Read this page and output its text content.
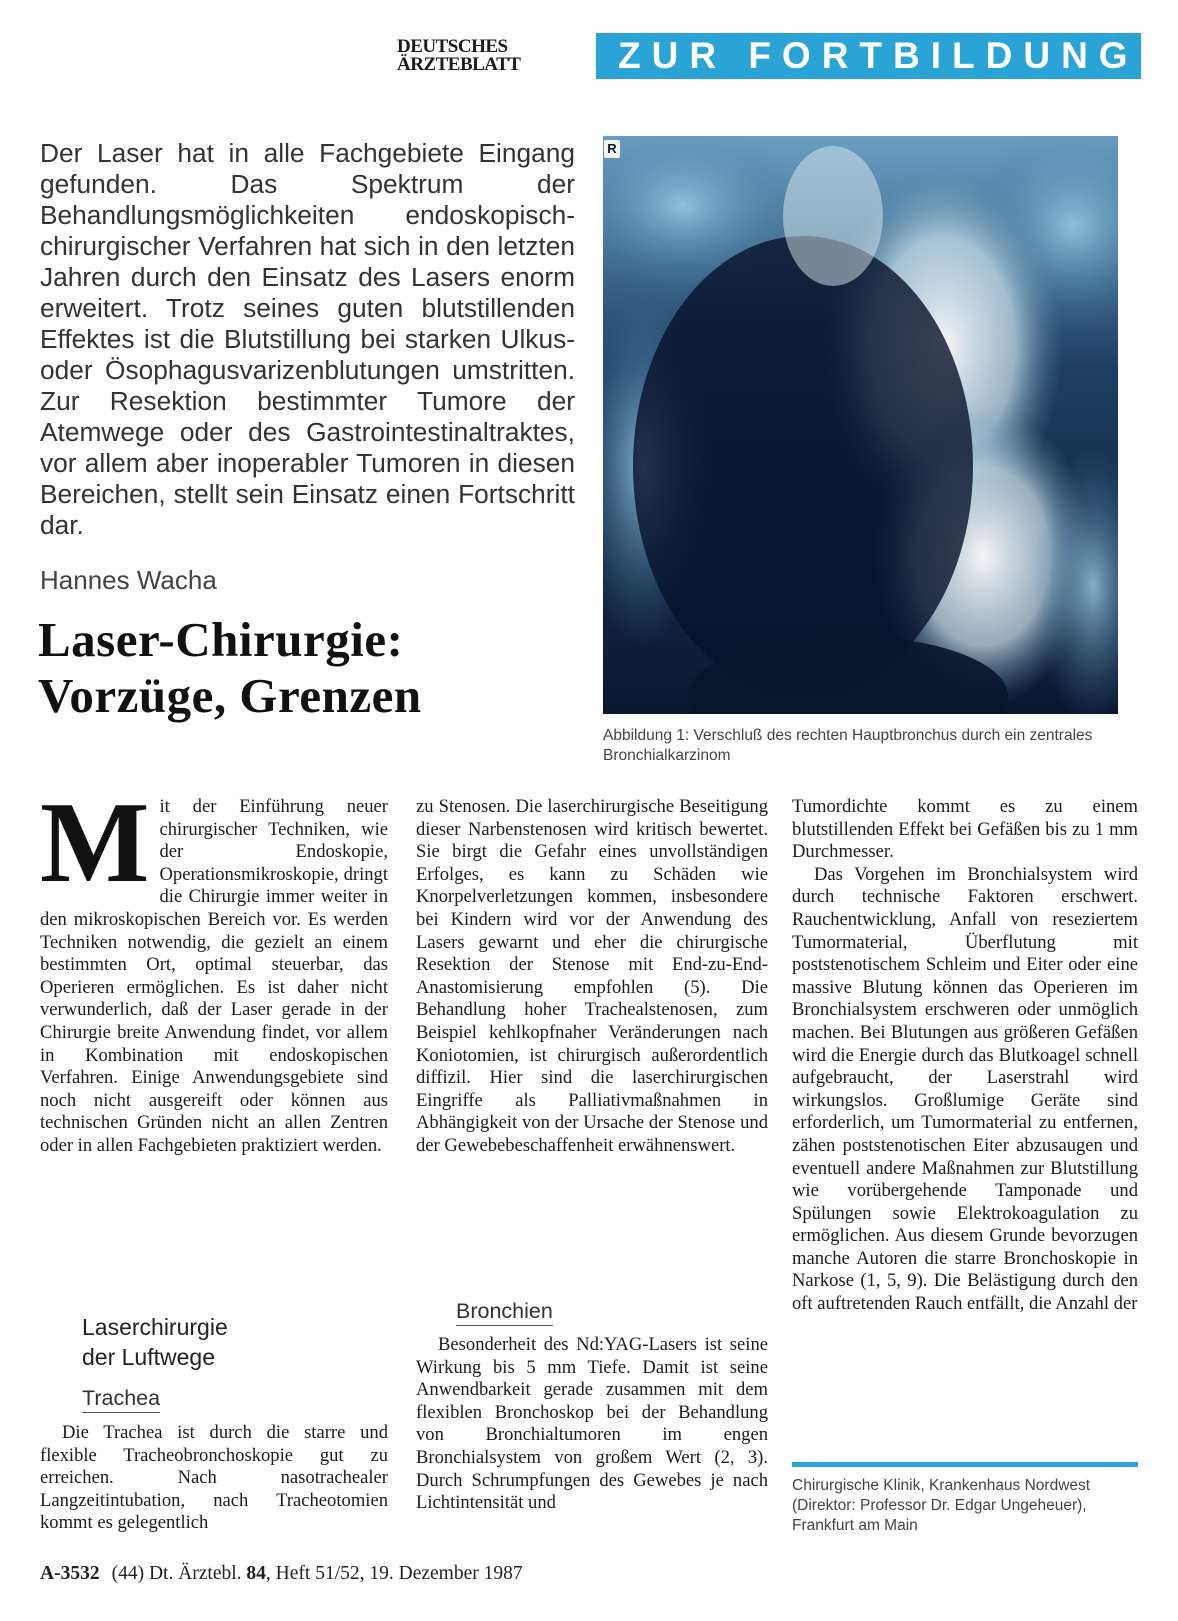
DEUTSCHES
ÄRZTEBLATT	ZUR FORTBILDUNG
Der Laser hat in alle Fachgebiete Eingang gefunden. Das Spektrum der Behandlungsmöglichkeiten endoskopisch-chirurgischer Verfahren hat sich in den letzten Jahren durch den Einsatz des Lasers enorm erweitert. Trotz seines guten blutstillenden Effektes ist die Blutstillung bei starken Ulkus- oder Ösophagusvarizenblutungen umstritten. Zur Resektion bestimmter Tumore der Atemwege oder des Gastrointestinaltraktes, vor allem aber inoperabler Tumoren in diesen Bereichen, stellt sein Einsatz einen Fortschritt dar.
Hannes Wacha
Laser-Chirurgie:
Vorzüge, Grenzen
R
Abbildung 1: Verschluß des rechten Hauptbronchus durch ein zentrales Bronchialkarzinom
M it der Einführung neuer chirurgischer Techniken, wie der Endoskopie, Operationsmikroskopie, dringt die Chirurgie immer weiter in den mikroskopischen Bereich vor. Es werden Techniken notwendig, die gezielt an einem bestimmten Ort, optimal steuerbar, das Operieren ermöglichen. Es ist daher nicht verwunderlich, daß der Laser gerade in der Chirurgie breite Anwendung findet, vor allem in Kombination mit endoskopischen Verfahren. Einige Anwendungsgebiete sind noch nicht ausgereift oder können aus technischen Gründen nicht an allen Zentren oder in allen Fachgebieten praktiziert werden.

Laserchirurgie
der Luftwege
Trachea

Die Trachea ist durch die starre und flexible Tracheobronchoskopie gut zu erreichen. Nach nasotrachealer Langzeitintubation, nach Tracheotomien kommt es gelegentlich

zu Stenosen. Die laserchirurgische Beseitigung dieser Narbenstenosen wird kritisch bewertet. Sie birgt die Gefahr eines unvollständigen Erfolges, es kann zu Schäden wie Knorpelverletzungen kommen, insbesondere bei Kindern wird vor der Anwendung des Lasers gewarnt und eher die chirurgische Resektion der Stenose mit End-zu-End-Anastomisierung empfohlen (5). Die Behandlung hoher Trachealstenosen, zum Beispiel kehlkopfnaher Veränderungen nach Koniotomien, ist chirurgisch außerordentlich diffizil. Hier sind die laserchirurgischen Eingriffe als Palliativmaßnahmen in Abhängigkeit von der Ursache der Stenose und der Gewebebeschaffenheit erwähnenswert.

Bronchien

Besonderheit des Nd:YAG-Lasers ist seine Wirkung bis 5 mm Tiefe. Damit ist seine Anwendbarkeit gerade zusammen mit dem flexiblen Bronchoskop bei der Behandlung von Bronchialtumoren im engen Bronchialsystem von großem Wert (2, 3). Durch Schrumpfungen des Gewebes je nach Lichtintensität und

Tumordichte kommt es zu einem blutstillenden Effekt bei Gefäßen bis zu 1 mm Durchmesser.

Das Vorgehen im Bronchialsystem wird durch technische Faktoren erschwert. Rauchentwicklung, Anfall von reseziertem Tumormaterial, Überflutung mit poststenotischem Schleim und Eiter oder eine massive Blutung können das Operieren im Bronchialsystem erschweren oder unmöglich machen. Bei Blutungen aus größeren Gefäßen wird die Energie durch das Blutkoagel schnell aufgebraucht, der Laserstrahl wird wirkungslos. Großlumige Geräte sind erforderlich, um Tumormaterial zu entfernen, zähen poststenotischen Eiter abzusaugen und eventuell andere Maßnahmen zur Blutstillung wie vorübergehende Tamponade und Spülungen sowie Elektrokoagulation zu ermöglichen. Aus diesem Grunde bevorzugen manche Autoren die starre Bronchoskopie in Narkose (1, 5, 9). Die Belästigung durch den oft auftretenden Rauch entfällt, die Anzahl der

Chirurgische Klinik, Krankenhaus Nordwest (Direktor: Professor Dr. Edgar Ungeheuer), Frankfurt am Main
A-3532 (44) Dt. Ärztebl. 84, Heft 51/52, 19. Dezember 1987
